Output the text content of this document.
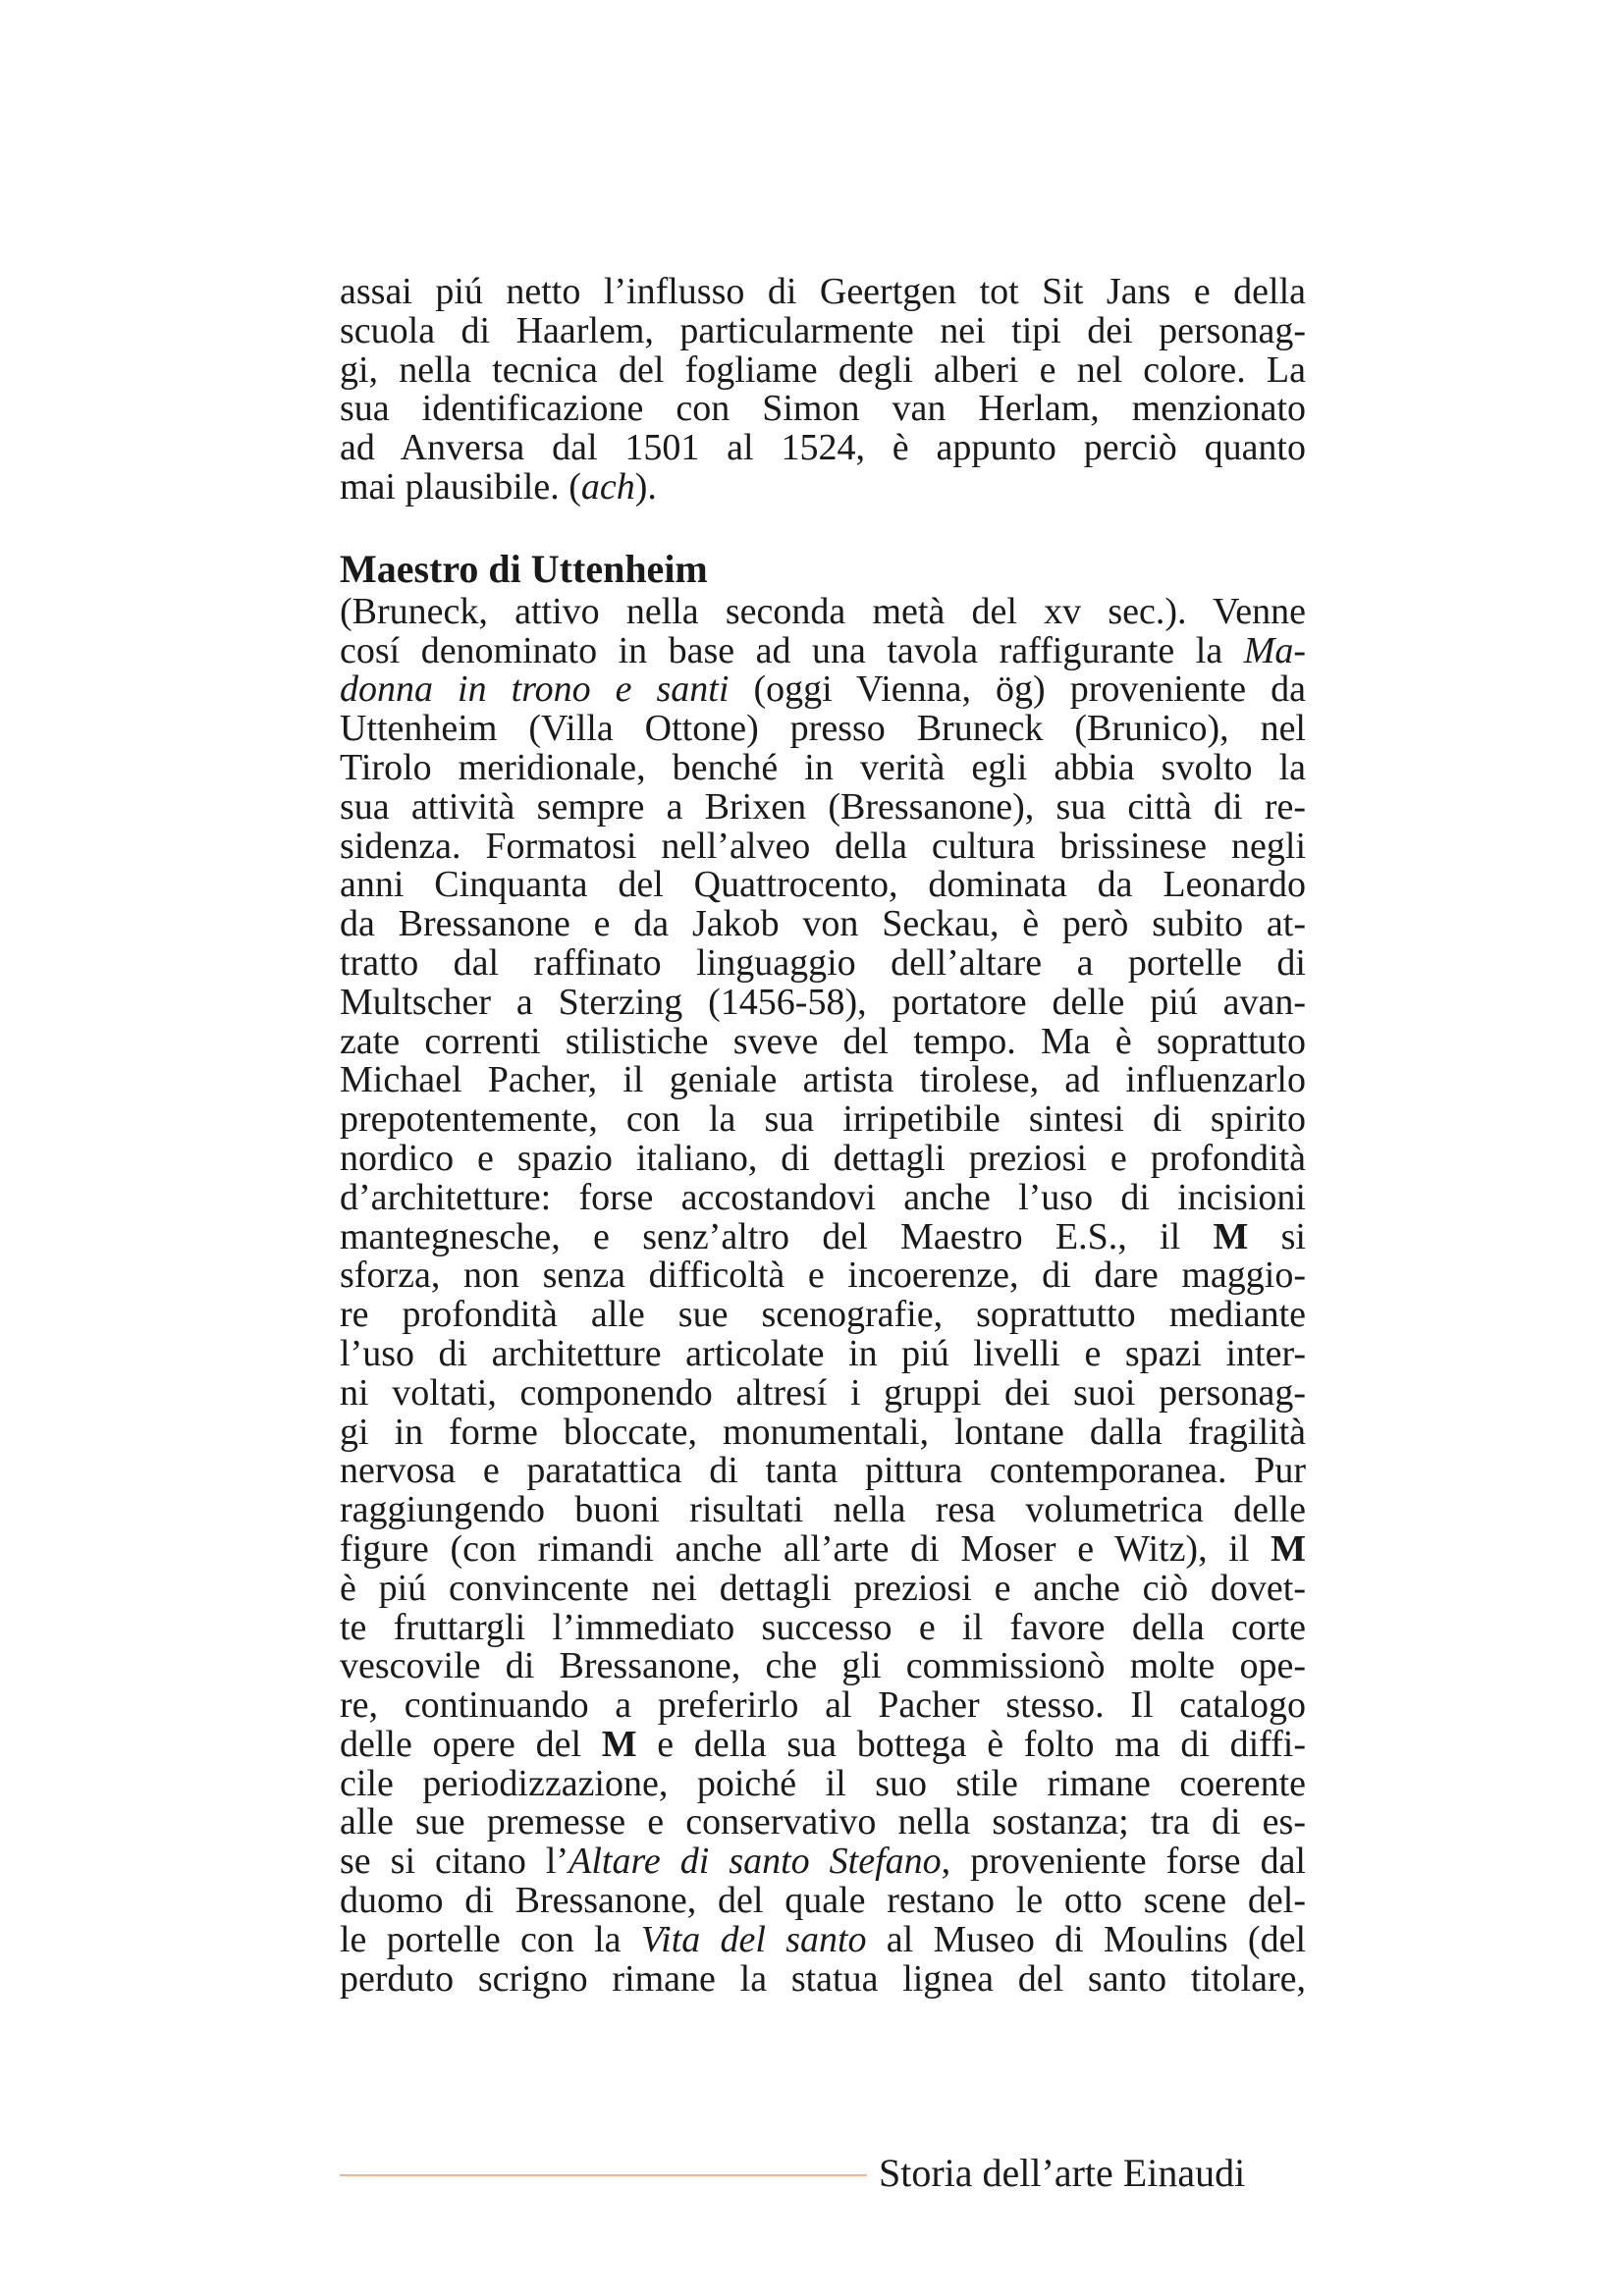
assai piú netto l’influsso di Geertgen tot Sit Jans e della
scuola di Haarlem, particularmente nei tipi dei personag-
gi, nella tecnica del fogliame degli alberi e nel colore. La
sua identificazione con Simon van Herlam, menzionato
ad Anversa dal 1501 al 1524, è appunto perciò quanto
mai plausibile. (ach).
Maestro di Uttenheim
(Bruneck, attivo nella seconda metà del xv sec.). Venne
cosí denominato in base ad una tavola raffigurante la Ma-
donna in trono e santi (oggi Vienna, ög) proveniente da
Uttenheim (Villa Ottone) presso Bruneck (Brunico), nel
Tirolo meridionale, benché in verità egli abbia svolto la
sua attività sempre a Brixen (Bressanone), sua città di re-
sidenza. Formatosi nell’alveo della cultura brissinese negli
anni Cinquanta del Quattrocento, dominata da Leonardo
da Bressanone e da Jakob von Seckau, è però subito at-
tratto dal raffinato linguaggio dell’altare a portelle di
Multscher a Sterzing (1456-58), portatore delle piú avan-
zate correnti stilistiche sveve del tempo. Ma è soprattuto
Michael Pacher, il geniale artista tirolese, ad influenzarlo
prepotentemente, con la sua irripetibile sintesi di spirito
nordico e spazio italiano, di dettagli preziosi e profondità
d’architetture: forse accostandovi anche l’uso di incisioni
mantegnesche, e senz’altro del Maestro E.S., il M si
sforza, non senza difficoltà e incoerenze, di dare maggio-
re profondità alle sue scenografie, soprattutto mediante
l’uso di architetture articolate in piú livelli e spazi inter-
ni voltati, componendo altresí i gruppi dei suoi personag-
gi in forme bloccate, monumentali, lontane dalla fragilità
nervosa e paratattica di tanta pittura contemporanea. Pur
raggiungendo buoni risultati nella resa volumetrica delle
figure (con rimandi anche all’arte di Moser e Witz), il M
è piú convincente nei dettagli preziosi e anche ciò dovet-
te fruttargli l’immediato successo e il favore della corte
vescovile di Bressanone, che gli commissionò molte ope-
re, continuando a preferirlo al Pacher stesso. Il catalogo
delle opere del M e della sua bottega è folto ma di diffi-
cile periodizzazione, poiché il suo stile rimane coerente
alle sue premesse e conservativo nella sostanza; tra di es-
se si citano l’Altare di santo Stefano, proveniente forse dal
duomo di Bressanone, del quale restano le otto scene del-
le portelle con la Vita del santo al Museo di Moulins (del
perduto scrigno rimane la statua lignea del santo titolare,
Storia dell’arte Einaudi
